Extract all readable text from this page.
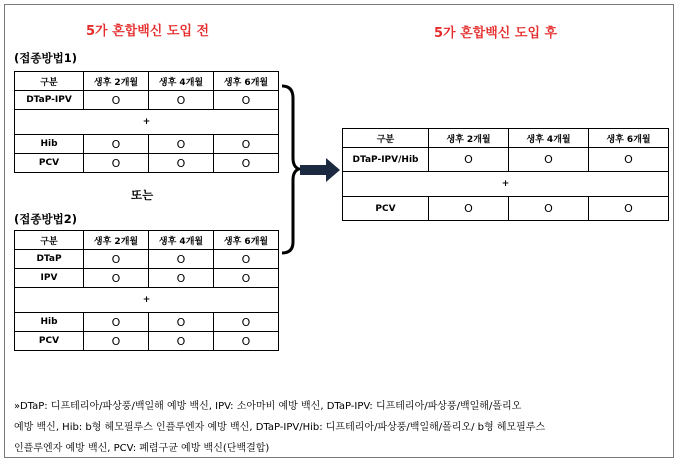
5가 혼합백신 도입 전	5가 혼합백신 도입 후
(접종방법1)
구분	생후 2개월	생후 4개월	생후 6개월
DTaP-IPV	O	O	O
+			
Hib	O	O	O
PCV	O	O	O
또는
(접종방법2)
구분	생후 2개월	생후 4개월	생후 6개월
DTaP	O	O	O
IPV	O	O	O
+			
Hib	O	O	O
PCV	O	O	O
구분	생후 2개월	생후 4개월	생후 6개월
DTaP-IPV/Hib	O	O	O
+			
PCV	O	O	O

»DTaP: 디프테리아/파상풍/백일해 예방 백신, IPV: 소아마비 예방 백신, DTaP-IPV: 디프테리아/파상풍/백일해/폴리오

예방 백신, Hib: b형 헤모필루스 인플루엔자 예방 백신, DTaP-IPV/Hib: 디프테리아/파상풍/백일해/폴리오/ b형 헤모필루스

인플루엔자 예방 백신, PCV: 폐렴구균 예방 백신(단백결합)
